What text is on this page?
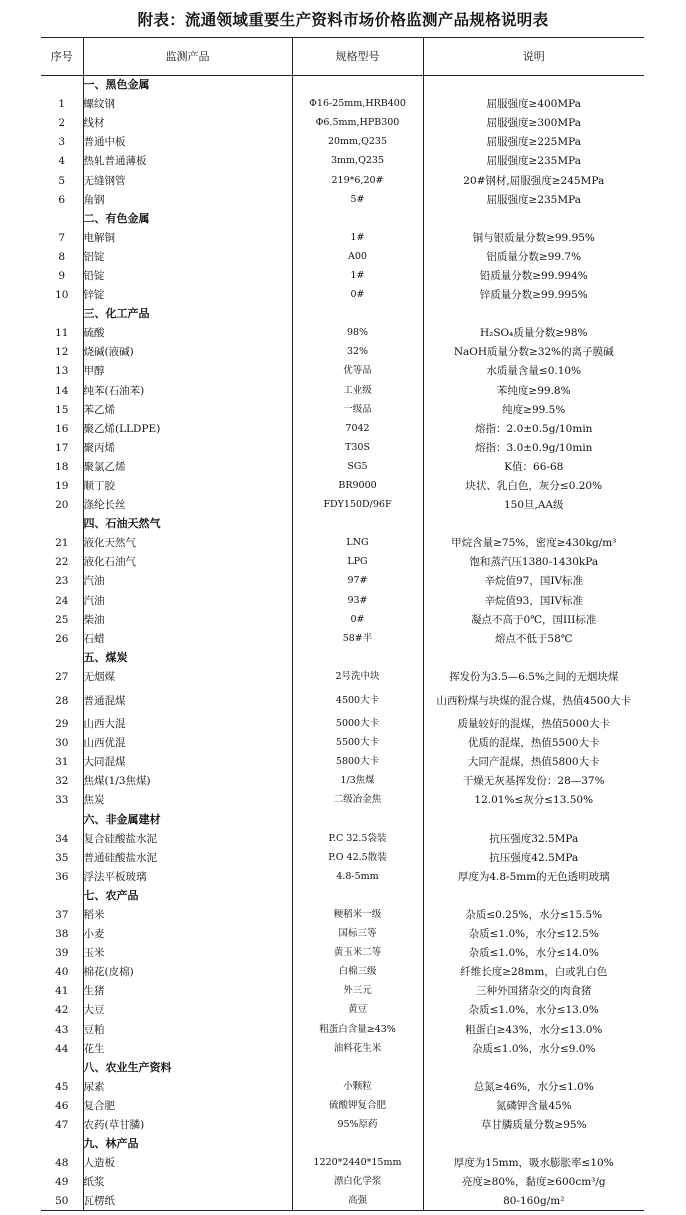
附表：流通领域重要生产资料市场价格监测产品规格说明表
序号	监测产品	规格型号	说明
	一、黑色金属		
1	螺纹钢	Φ16-25mm,HRB400	屈服强度≥400MPa
2	线材	Φ6.5mm,HPB300	屈服强度≥300MPa
3	普通中板	20mm,Q235	屈服强度≥225MPa
4	热轧普通薄板	3mm,Q235	屈服强度≥235MPa
5	无缝钢管	219*6,20#	20#钢材,屈服强度≥245MPa
6	角钢	5#	屈服强度≥235MPa
	二、有色金属		
7	电解铜	1#	铜与银质量分数≥99.95%
8	铝锭	A00	铝质量分数≥99.7%
9	铅锭	1#	铅质量分数≥99.994%
10	锌锭	0#	锌质量分数≥99.995%
	三、化工产品		
11	硫酸	98%	H₂SO₄质量分数≥98%
12	烧碱(液碱)	32%	NaOH质量分数≥32%的离子膜碱
13	甲醇	优等品	水质量含量≤0.10%
14	纯苯(石油苯)	工业级	苯纯度≥99.8%
15	苯乙烯	一级品	纯度≥99.5%
16	聚乙烯(LLDPE)	7042	熔指：2.0±0.5g/10min
17	聚丙烯	T30S	熔指：3.0±0.9g/10min
18	聚氯乙烯	SG5	K值：66-68
19	顺丁胶	BR9000	块状、乳白色，灰分≤0.20%
20	涤纶长丝	FDY150D/96F	150旦,AA级
	四、石油天然气		
21	液化天然气	LNG	甲烷含量≥75%，密度≥430kg/m³
22	液化石油气	LPG	饱和蒸汽压1380-1430kPa
23	汽油	97#	辛烷值97，国IV标准
24	汽油	93#	辛烷值93，国IV标准
25	柴油	0#	凝点不高于0℃，国III标准
26	石蜡	58#半	熔点不低于58℃
	五、煤炭		
27	无烟煤	2号洗中块	挥发份为3.5—6.5%之间的无烟块煤
28	普通混煤	4500大卡	山西粉煤与块煤的混合煤，热值4500大卡
29	山西大混	5000大卡	质量较好的混煤，热值5000大卡
30	山西优混	5500大卡	优质的混煤，热值5500大卡
31	大同混煤	5800大卡	大同产混煤，热值5800大卡
32	焦煤(1/3焦煤)	1/3焦煤	干燥无灰基挥发份：28—37%
33	焦炭	二级冶金焦	12.01%≤灰分≤13.50%
	六、非金属建材		
34	复合硅酸盐水泥	P.C 32.5袋装	抗压强度32.5MPa
35	普通硅酸盐水泥	P.O 42.5散装	抗压强度42.5MPa
36	浮法平板玻璃	4.8-5mm	厚度为4.8-5mm的无色透明玻璃
	七、农产品		
37	稻米	粳稻米一级	杂质≤0.25%，水分≤15.5%
38	小麦	国标三等	杂质≤1.0%，水分≤12.5%
39	玉米	黄玉米二等	杂质≤1.0%，水分≤14.0%
40	棉花(皮棉)	白棉三级	纤维长度≥28mm，白或乳白色
41	生猪	外三元	三种外国猪杂交的肉食猪
42	大豆	黄豆	杂质≤1.0%，水分≤13.0%
43	豆粕	粗蛋白含量≥43%	粗蛋白≥43%，水分≤13.0%
44	花生	油料花生米	杂质≤1.0%，水分≤9.0%
	八、农业生产资料		
45	尿素	小颗粒	总氮≥46%，水分≤1.0%
46	复合肥	硫酸钾复合肥	氮磷钾含量45%
47	农药(草甘膦)	95%原药	草甘膦质量分数≥95%
	九、林产品		
48	人造板	1220*2440*15mm	厚度为15mm，吸水膨胀率≤10%
49	纸浆	漂白化学浆	亮度≥80%，黏度≥600cm³/g
50	瓦楞纸	高强	80-160g/m²
